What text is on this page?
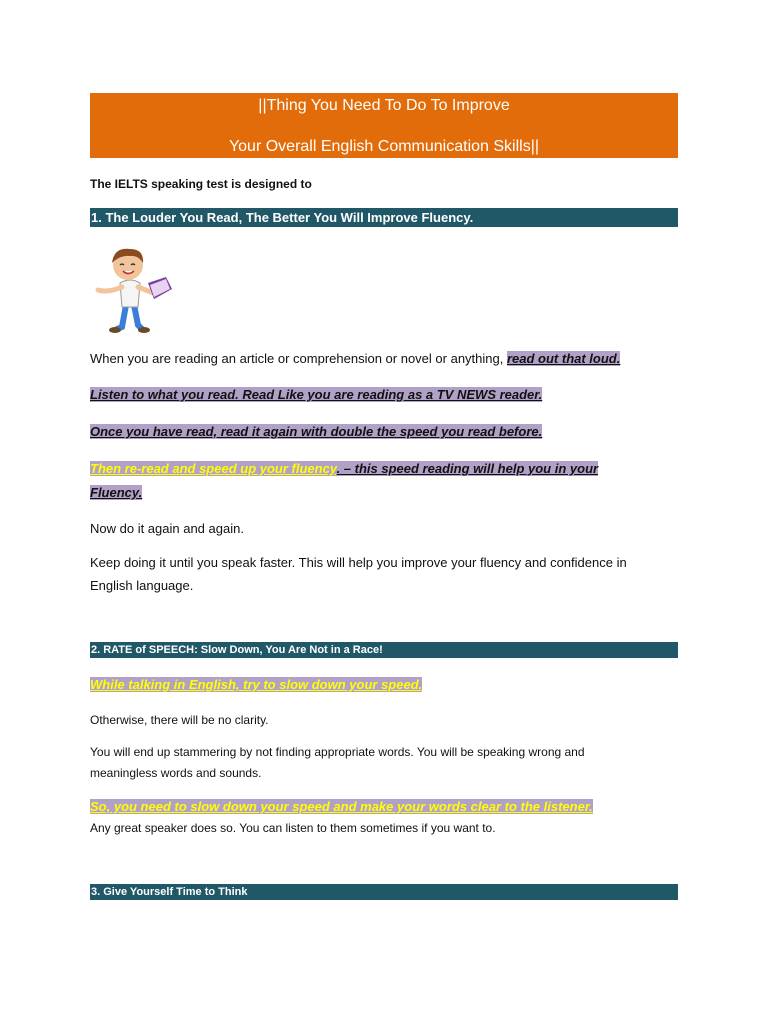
||Thing You Need To Do To Improve
Your Overall English Communication Skills||
The IELTS speaking test is designed to
1. The Louder You Read, The Better You Will Improve Fluency.
When you are reading an article or comprehension or novel or anything, read out that loud.
Listen to what you read. Read Like you are reading as a TV NEWS reader.
Once you have read, read it again with double the speed you read before.
Then re-read and speed up your fluency. – this speed reading will help you in your
Fluency.
Now do it again and again.
Keep doing it until you speak faster. This will help you improve your fluency and confidence in
English language.
2. RATE of SPEECH: Slow Down, You Are Not in a Race!
While talking in English, try to slow down your speed.
Otherwise, there will be no clarity.
You will end up stammering by not finding appropriate words. You will be speaking wrong and
meaningless words and sounds.
So, you need to slow down your speed and make your words clear to the listener.
Any great speaker does so. You can listen to them sometimes if you want to.
3. Give Yourself Time to Think
